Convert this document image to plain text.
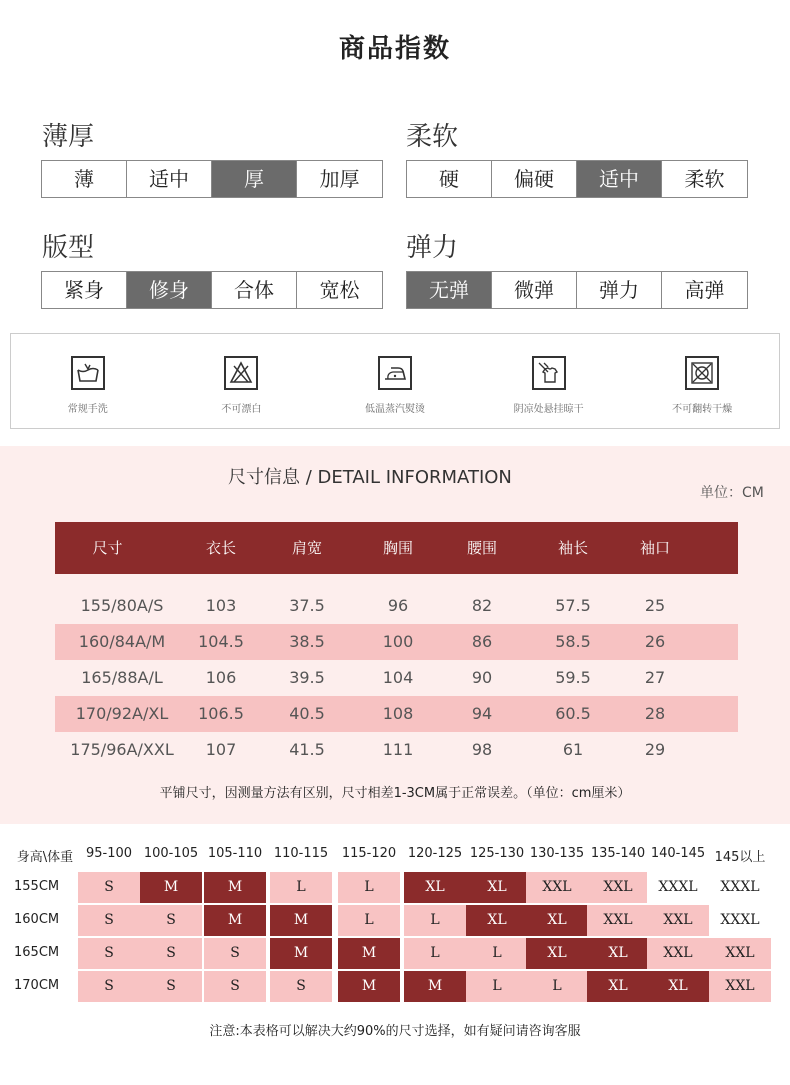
商品指数
薄厚
薄	适中	厚	加厚
柔软
硬	偏硬	适中	柔软
版型
紧身	修身	合体	宽松
弹力
无弹	微弹	弹力	高弹
常规手洗	不可漂白	低温蒸汽熨烫	阴凉处悬挂晾干	不可翻转干燥
尺寸信息 / DETAIL INFORMATION
单位：CM
尺寸	衣长	肩宽	胸围	腰围	袖长	袖口
155/80A/S	103	37.5	96	82	57.5	25
160/84A/M	104.5	38.5	100	86	58.5	26
165/88A/L	106	39.5	104	90	59.5	27
170/92A/XL	106.5	40.5	108	94	60.5	28
175/96A/XXL	107	41.5	111	98	61	29
平铺尺寸，因测量方法有区别，尺寸相差1-3CM属于正常误差。（单位：cm厘米）
身高\体重 95-100 100-105 105-110 110-115	115-120 120-125 125-130 130-135 135-140 140-145 145以上
155CM	S	M	M	L	L	XL	XL	XXL	XXL	XXXL	XXXL
160CM	S	S	M	M	L	L	XL	XL	XXL	XXL	XXXL
165CM	S	S	S	M	M	L	L	XL	XL	XXL	XXL
170CM	S	S	S	S	M	M	L	L	XL	XL	XXL
注意:本表格可以解决大约90%的尺寸选择，如有疑问请咨询客服
